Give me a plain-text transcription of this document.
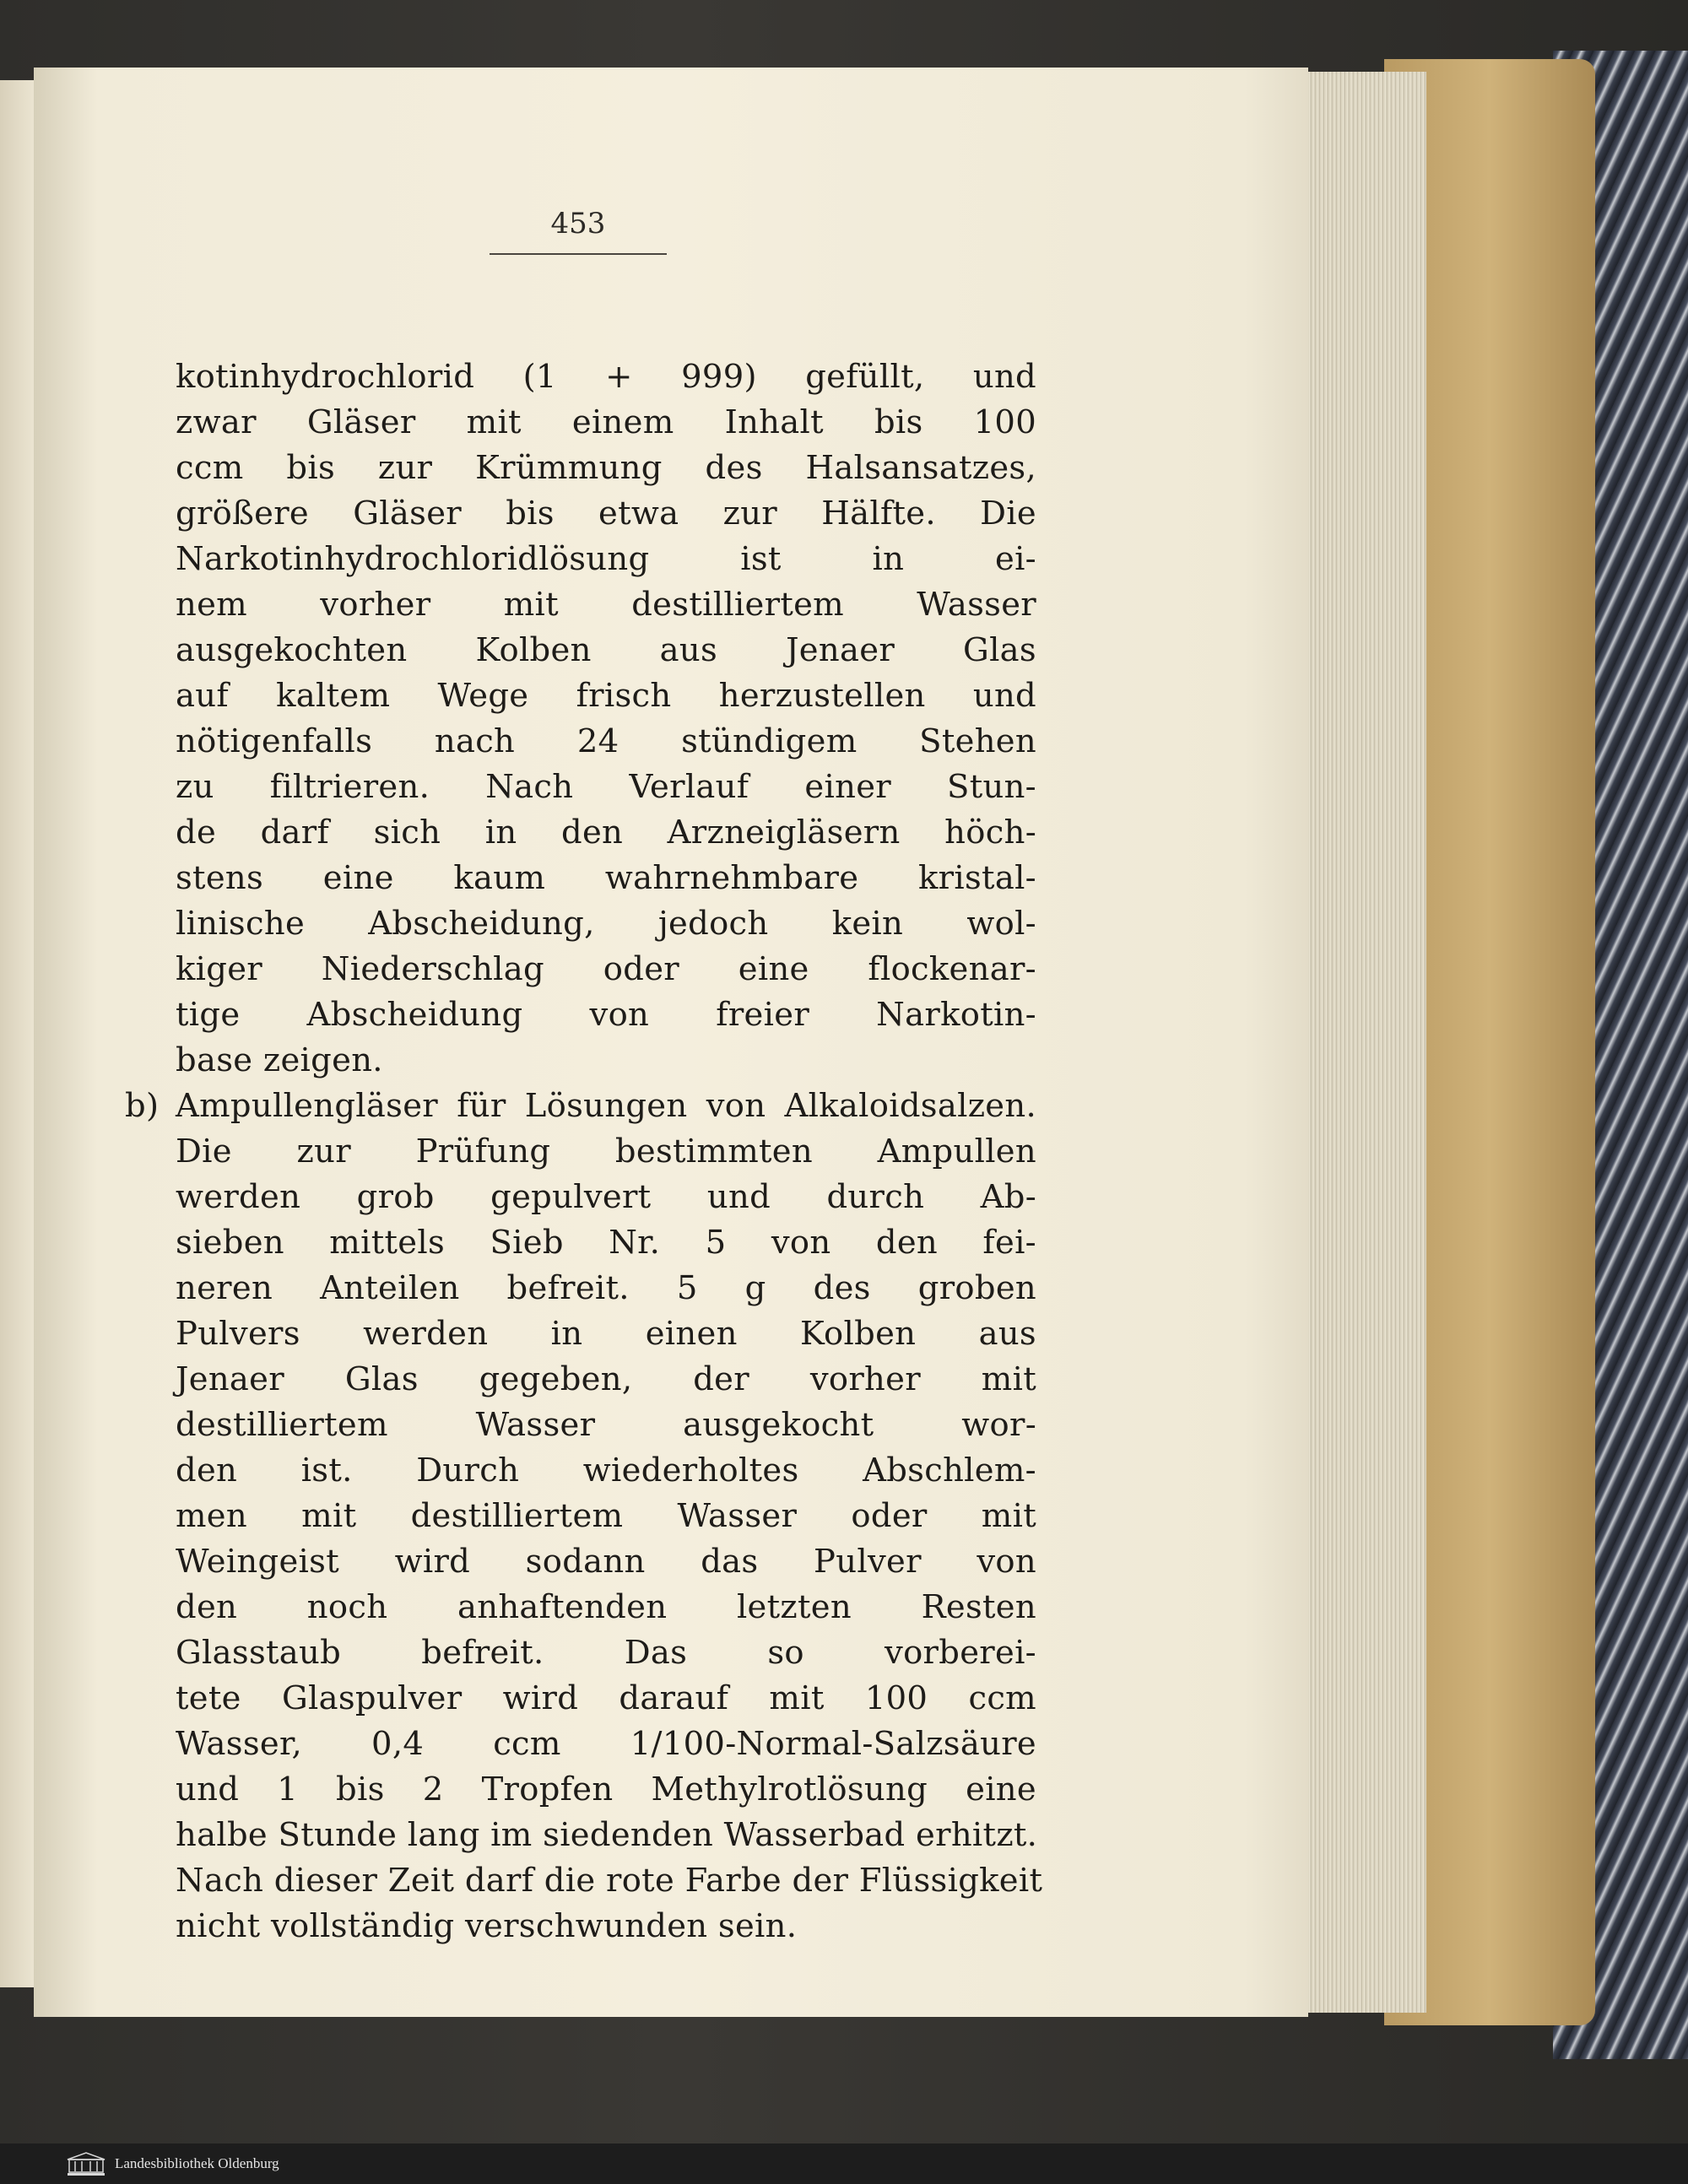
453
kotinhydrochlorid (1 + 999) gefüllt, und
zwar Gläser mit einem Inhalt bis 100
ccm bis zur Krümmung des Halsansatzes,
größere Gläser bis etwa zur Hälfte. Die
Narkotinhydrochloridlösung ist in ei-
nem vorher mit destilliertem Wasser
ausgekochten Kolben aus Jenaer Glas
auf kaltem Wege frisch herzustellen und
nötigenfalls nach 24 stündigem Stehen
zu filtrieren. Nach Verlauf einer Stun-
de darf sich in den Arzneigläsern höch-
stens eine kaum wahrnehmbare kristal-
linische Abscheidung, jedoch kein wol-
kiger Niederschlag oder eine flockenar-
tige Abscheidung von freier Narkotin-
base zeigen.
b) Ampullengläser für Lösungen von Alkaloidsalzen.
Die zur Prüfung bestimmten Ampullen
werden grob gepulvert und durch Ab-
sieben mittels Sieb Nr. 5 von den fei-
neren Anteilen befreit. 5 g des groben
Pulvers werden in einen Kolben aus
Jenaer Glas gegeben, der vorher mit
destilliertem Wasser ausgekocht wor-
den ist. Durch wiederholtes Abschlem-
men mit destilliertem Wasser oder mit
Weingeist wird sodann das Pulver von
den noch anhaftenden letzten Resten
Glasstaub befreit. Das so vorberei-
tete Glaspulver wird darauf mit 100 ccm
Wasser, 0,4 ccm 1/100-Normal-Salzsäure
und 1 bis 2 Tropfen Methylrotlösung eine
halbe Stunde lang im siedenden Wasserbad erhitzt.
Nach dieser Zeit darf die rote Farbe der Flüssigkeit
nicht vollständig verschwunden sein.
Landesbibliothek Oldenburg
